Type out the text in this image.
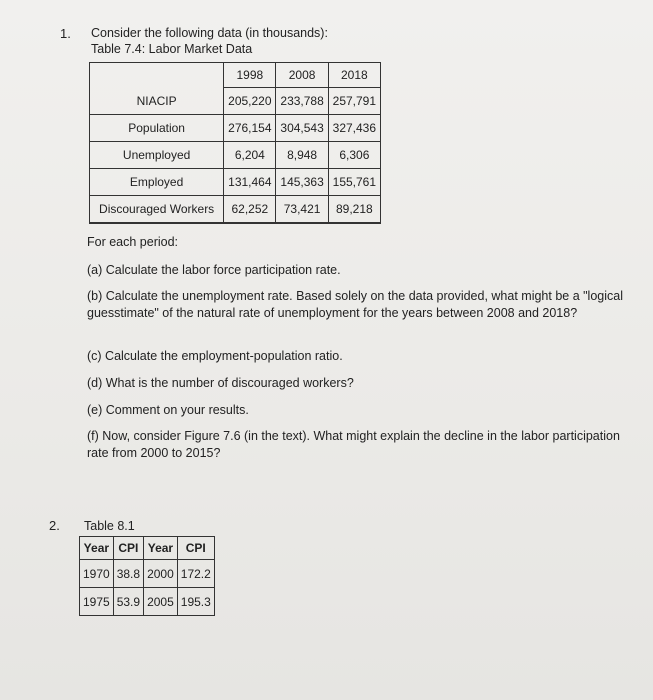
1. Consider the following data (in thousands):
Table 7.4: Labor Market Data
	1998	2008	2018
NIACIP	205,220	233,788	257,791
Population	276,154	304,543	327,436
Unemployed	6,204	8,948	6,306
Employed	131,464	145,363	155,761
Discouraged Workers	62,252	73,421	89,218
For each period:
(a) Calculate the labor force participation rate.
(b) Calculate the unemployment rate. Based solely on the data provided, what might be a "logical guesstimate" of the natural rate of unemployment for the years between 2008 and 2018?
(c) Calculate the employment-population ratio.
(d) What is the number of discouraged workers?
(e) Comment on your results.
(f) Now, consider Figure 7.6 (in the text). What might explain the decline in the labor participation rate from 2000 to 2015?
2. Table 8.1
Year	CPI	Year	CPI
1970	38.8	2000	172.2
1975	53.9	2005	195.3
